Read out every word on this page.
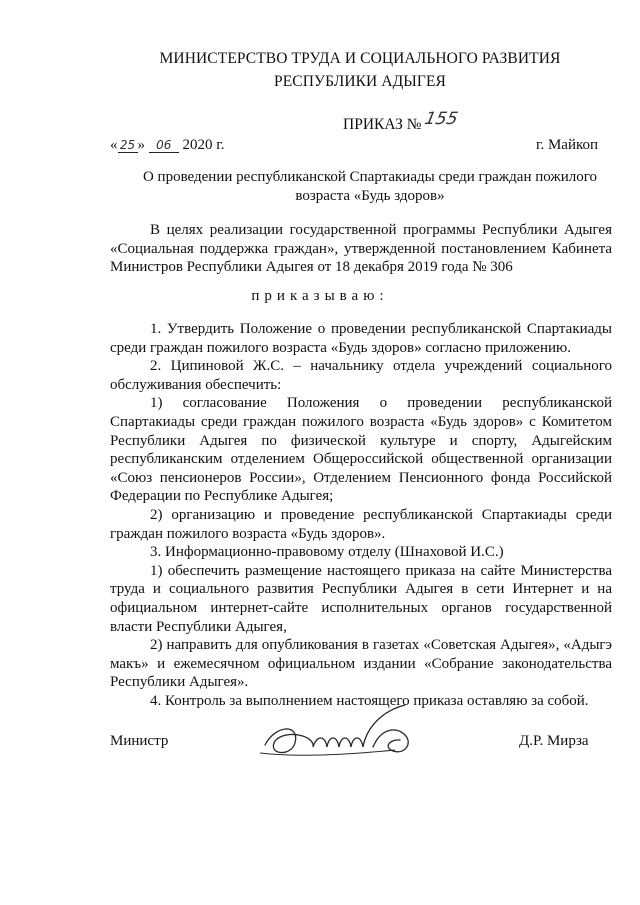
МИНИСТЕРСТВО ТРУДА И СОЦИАЛЬНОГО РАЗВИТИЯ
РЕСПУБЛИКИ АДЫГЕЯ
ПРИКАЗ № 155
« 25 » 06 2020 г.	г. Майкоп
О проведении республиканской Спартакиады среди граждан пожилого возраста «Будь здоров»

В целях реализации государственной программы Республики Адыгея «Социальная поддержка граждан», утвержденной постановлением Кабинета Министров Республики Адыгея от 18 декабря 2019 года № 306

приказываю:

1. Утвердить Положение о проведении республиканской Спартакиады среди граждан пожилого возраста «Будь здоров» согласно приложению.

2. Ципиновой Ж.С. – начальнику отдела учреждений социального обслуживания обеспечить:

1) согласование Положения о проведении республиканской Спартакиады среди граждан пожилого возраста «Будь здоров» с Комитетом Республики Адыгея по физической культуре и спорту, Адыгейским республиканским отделением Общероссийской общественной организации «Союз пенсионеров России», Отделением Пенсионного фонда Российской Федерации по Республике Адыгея;

2) организацию и проведение республиканской Спартакиады среди граждан пожилого возраста «Будь здоров».

3. Информационно-правовому отделу (Шнаховой И.С.)

1) обеспечить размещение настоящего приказа на сайте Министерства труда и социального развития Республики Адыгея в сети Интернет и на официальном интернет-сайте исполнительных органов государственной власти Республики Адыгея,

2) направить для опубликования в газетах «Советская Адыгея», «Адыгэ макъ» и ежемесячном официальном издании «Собрание законодательства Республики Адыгея».

4. Контроль за выполнением настоящего приказа оставляю за собой.

Министр	Д.Р. Мирза
